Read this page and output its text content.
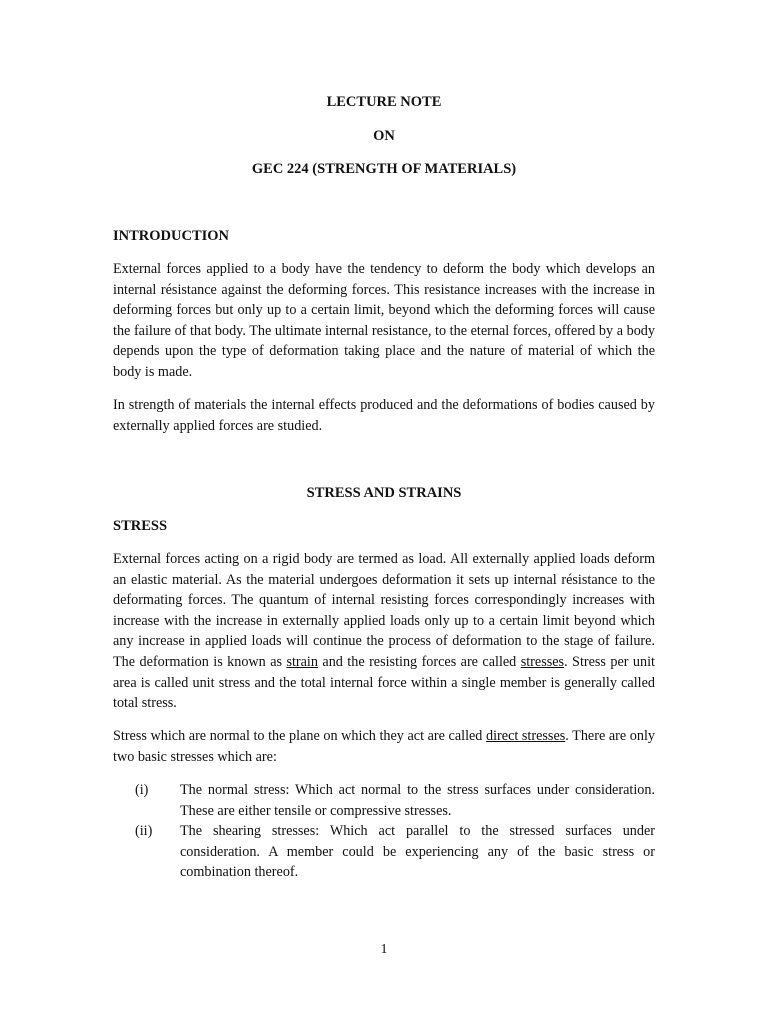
LECTURE NOTE
ON
GEC 224 (STRENGTH OF MATERIALS)
INTRODUCTION

External forces applied to a body have the tendency to deform the body which develops an internal résistance against the deforming forces. This resistance increases with the increase in deforming forces but only up to a certain limit, beyond which the deforming forces will cause the failure of that body. The ultimate internal resistance, to the eternal forces, offered by a body depends upon the type of deformation taking place and the nature of material of which the body is made.

In strength of materials the internal effects produced and the deformations of bodies caused by externally applied forces are studied.

STRESS AND STRAINS
STRESS

External forces acting on a rigid body are termed as load. All externally applied loads deform an elastic material. As the material undergoes deformation it sets up internal résistance to the deformating forces. The quantum of internal resisting forces correspondingly increases with increase with the increase in externally applied loads only up to a certain limit beyond which any increase in applied loads will continue the process of deformation to the stage of failure. The deformation is known as strain and the resisting forces are called stresses. Stress per unit area is called unit stress and the total internal force within a single member is generally called total stress.

Stress which are normal to the plane on which they act are called direct stresses. There are only two basic stresses which are:

(i) The normal stress: Which act normal to the stress surfaces under consideration. These are either tensile or compressive stresses.
(ii) The shearing stresses: Which act parallel to the stressed surfaces under consideration. A member could be experiencing any of the basic stress or combination thereof.
1
